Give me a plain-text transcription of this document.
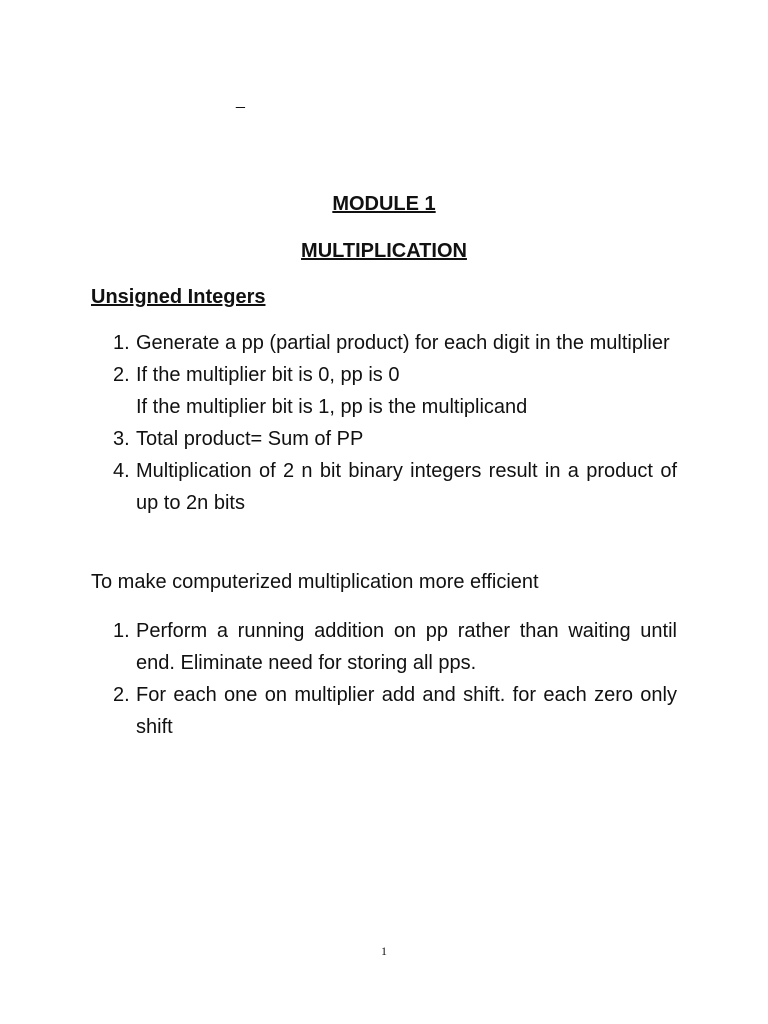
_
MODULE 1
MULTIPLICATION
Unsigned Integers
1. Generate a pp (partial product) for each digit in the multiplier
2. If the multiplier bit is 0, pp is 0
If the multiplier bit is 1, pp is the multiplicand
3. Total product= Sum of PP
4. Multiplication of 2 n bit binary integers result in a product of up to 2n bits
To make computerized multiplication more efficient
1. Perform a running addition on pp rather than waiting until end. Eliminate need for storing all pps.
2. For each one on multiplier add and shift. for each zero only shift
1
